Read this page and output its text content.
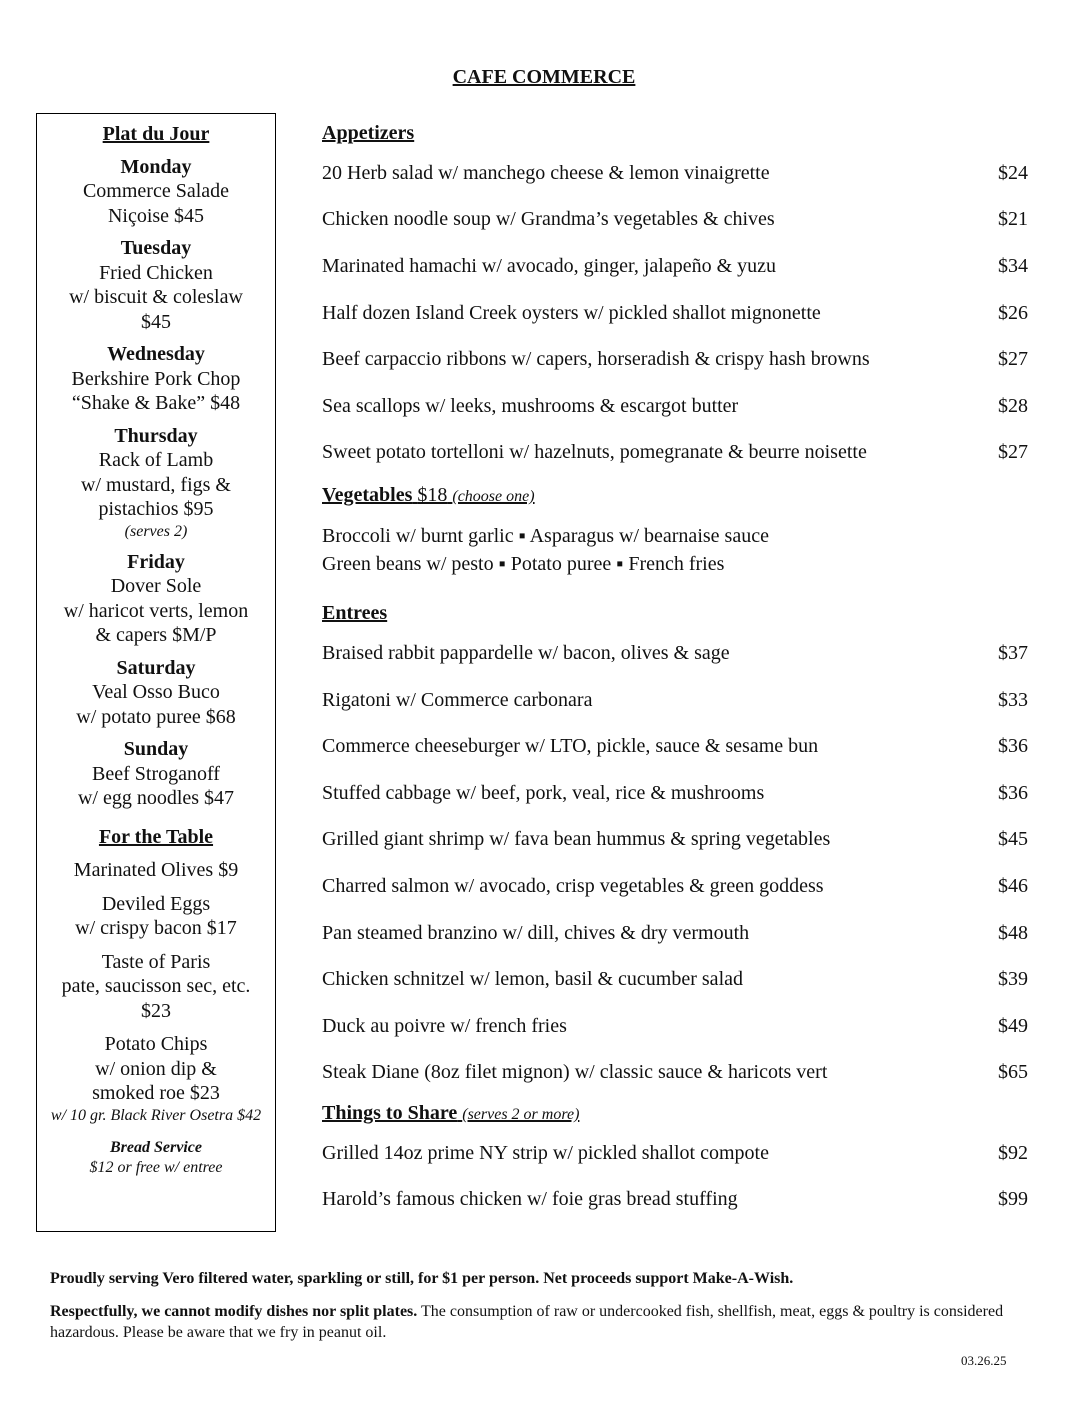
CAFE COMMERCE
Plat du Jour
Monday
Commerce Salade
Niçoise $45
Tuesday
Fried Chicken
w/ biscuit & coleslaw
$45
Wednesday
Berkshire Pork Chop
“Shake & Bake” $48
Thursday
Rack of Lamb
w/ mustard, figs &
pistachios $95
(serves 2)
Friday
Dover Sole
w/ haricot verts, lemon
& capers $M/P
Saturday
Veal Osso Buco
w/ potato puree $68
Sunday
Beef Stroganoff
w/ egg noodles $47
For the Table
Marinated Olives $9
Deviled Eggs
w/ crispy bacon $17
Taste of Paris
pate, saucisson sec, etc.
$23
Potato Chips
w/ onion dip &
smoked roe $23
w/ 10 gr. Black River Osetra $42
Bread Service
$12 or free w/ entree
Appetizers
20 Herb salad w/ manchego cheese & lemon vinaigrette	$24
Chicken noodle soup w/ Grandma’s vegetables & chives	$21
Marinated hamachi w/ avocado, ginger, jalapeño & yuzu	$34
Half dozen Island Creek oysters w/ pickled shallot mignonette	$26
Beef carpaccio ribbons w/ capers, horseradish & crispy hash browns	$27
Sea scallops w/ leeks, mushrooms & escargot butter	$28
Sweet potato tortelloni w/ hazelnuts, pomegranate & beurre noisette	$27
Vegetables $18 (choose one)
Broccoli w/ burnt garlic ▪ Asparagus w/ bearnaise sauce
Green beans w/ pesto ▪ Potato puree ▪ French fries
Entrees
Braised rabbit pappardelle w/ bacon, olives & sage	$37
Rigatoni w/ Commerce carbonara	$33
Commerce cheeseburger w/ LTO, pickle, sauce & sesame bun	$36
Stuffed cabbage w/ beef, pork, veal, rice & mushrooms	$36
Grilled giant shrimp w/ fava bean hummus & spring vegetables	$45
Charred salmon w/ avocado, crisp vegetables & green goddess	$46
Pan steamed branzino w/ dill, chives & dry vermouth	$48
Chicken schnitzel w/ lemon, basil & cucumber salad	$39
Duck au poivre w/ french fries	$49
Steak Diane (8oz filet mignon) w/ classic sauce & haricots vert	$65
Things to Share (serves 2 or more)
Grilled 14oz prime NY strip w/ pickled shallot compote	$92
Harold’s famous chicken w/ foie gras bread stuffing	$99
Proudly serving Vero filtered water, sparkling or still, for $1 per person. Net proceeds support Make-A-Wish.
Respectfully, we cannot modify dishes nor split plates. The consumption of raw or undercooked fish, shellfish, meat, eggs & poultry is considered hazardous. Please be aware that we fry in peanut oil.
03.26.25
